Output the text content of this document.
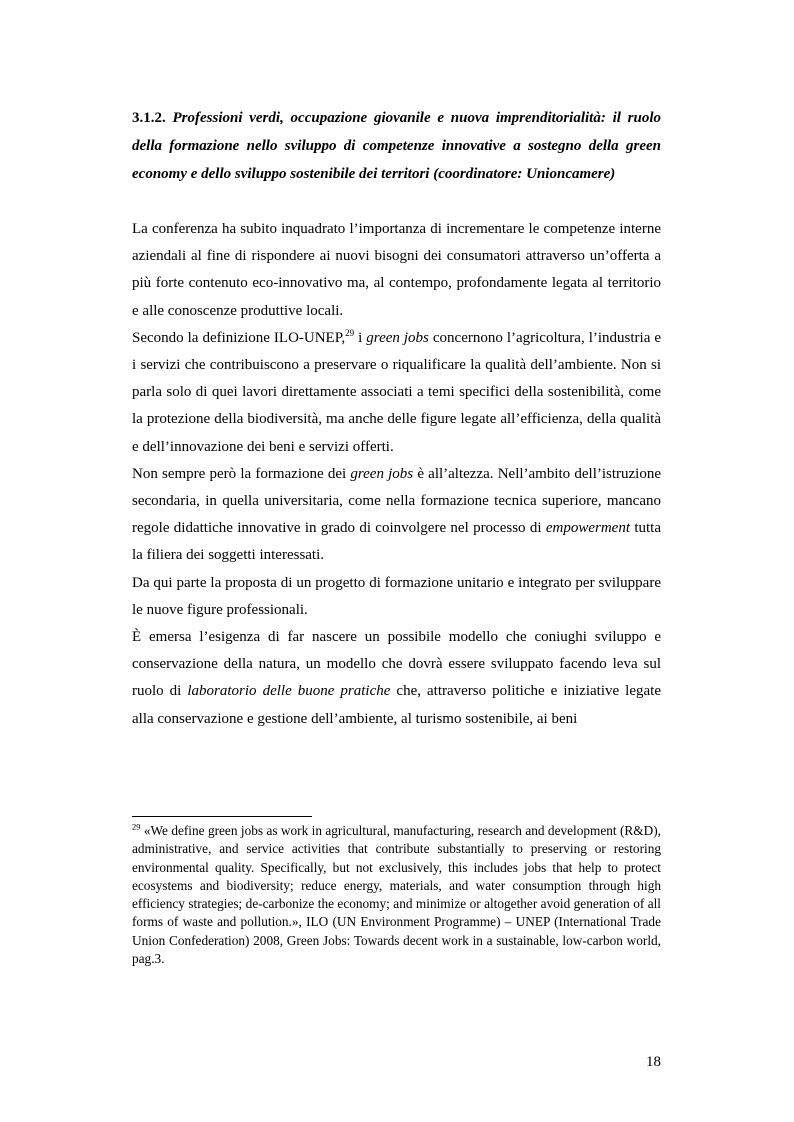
3.1.2. Professioni verdi, occupazione giovanile e nuova imprenditorialità: il ruolo della formazione nello sviluppo di competenze innovative a sostegno della green economy e dello sviluppo sostenibile dei territori (coordinatore: Unioncamere)

La conferenza ha subito inquadrato l’importanza di incrementare le competenze interne aziendali al fine di rispondere ai nuovi bisogni dei consumatori attraverso un’offerta a più forte contenuto eco-innovativo ma, al contempo, profondamente legata al territorio e alle conoscenze produttive locali.

Secondo la definizione ILO-UNEP,$^{29}$ i green jobs concernono l’agricoltura, l’industria e i servizi che contribuiscono a preservare o riqualificare la qualità dell’ambiente. Non si parla solo di quei lavori direttamente associati a temi specifici della sostenibilità, come la protezione della biodiversità, ma anche delle figure legate all’efficienza, della qualità e dell’innovazione dei beni e servizi offerti.

Non sempre però la formazione dei green jobs è all’altezza. Nell’ambito dell’istruzione secondaria, in quella universitaria, come nella formazione tecnica superiore, mancano regole didattiche innovative in grado di coinvolgere nel processo di empowerment tutta la filiera dei soggetti interessati.

Da qui parte la proposta di un progetto di formazione unitario e integrato per sviluppare le nuove figure professionali.

È emersa l’esigenza di far nascere un possibile modello che coniughi sviluppo e conservazione della natura, un modello che dovrà essere sviluppato facendo leva sul ruolo di laboratorio delle buone pratiche che, attraverso politiche e iniziative legate alla conservazione e gestione dell’ambiente, al turismo sostenibile, ai beni

$^{29}$ «We define green jobs as work in agricultural, manufacturing, research and development (R&D), administrative, and service activities that contribute substantially to preserving or restoring environmental quality. Specifically, but not exclusively, this includes jobs that help to protect ecosystems and biodiversity; reduce energy, materials, and water consumption through high efficiency strategies; de-carbonize the economy; and minimize or altogether avoid generation of all forms of waste and pollution.», ILO (UN Environment Programme) – UNEP (International Trade Union Confederation) 2008, Green Jobs: Towards decent work in a sustainable, low-carbon world, pag.3.

18
